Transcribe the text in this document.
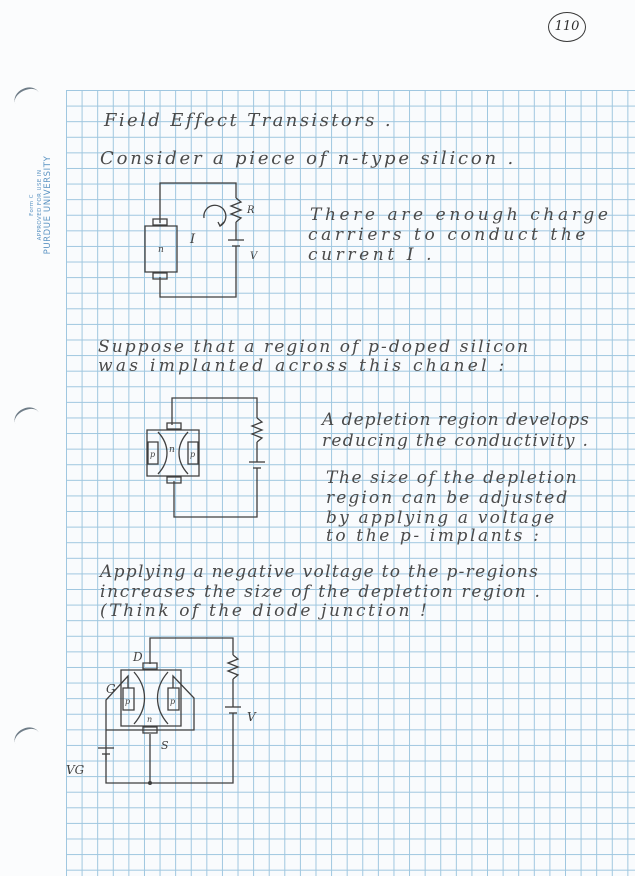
Form C APPROVED FOR USE IN PURDUE UNIVERSITY
110
Field Effect Transistors .
Consider a piece of n-type silicon .
There are enough charge
carriers to conduct the
current I .
Suppose that a region of p-doped silicon
was implanted across this chanel :
A depletion region develops
reducing the conductivity .
The size of the depletion
region can be adjusted
by applying a voltage
to the p- implants :
Applying a negative voltage to the p-regions
increases the size of the depletion region .
(Think of the diode junction !
R
I
V
n
n
p	p
D
G
S
V
VG
p	p
n
